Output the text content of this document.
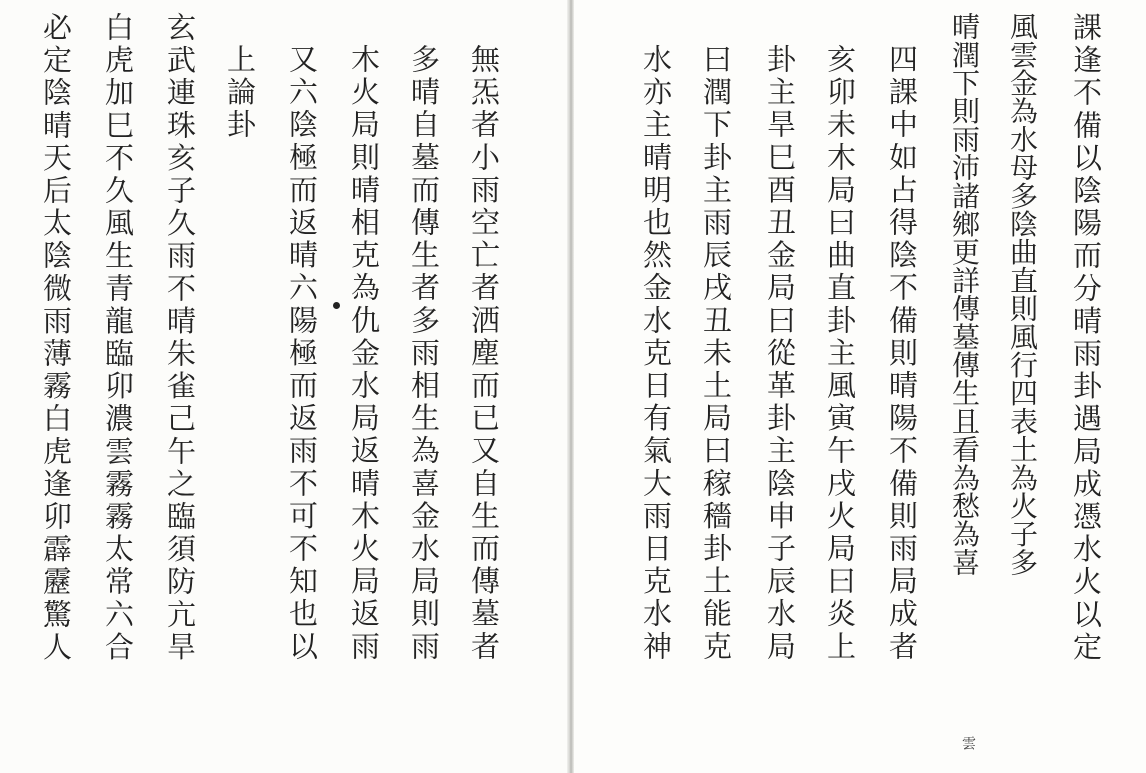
必定陰晴天后太陰微雨薄霧白虎逢卯霹靂驚人 白虎加巳不久風生青龍臨卯濃雲霧霧太常六合 玄武連珠亥子久雨不晴朱雀己午之臨須防亢旱 上論卦 又六陰極而返晴六陽極而返雨不可不知也以 木火局則晴相克為仇金水局返晴木火局返雨 多晴自墓而傳生者多雨相生為喜金水局則雨 無炁者小雨空亡者洒塵而已又自生而傳墓者	水亦主晴明也然金水克日有氣大雨日克水神 曰潤下卦主雨辰戌丑未土局曰稼穡卦土能克 卦主旱巳酉丑金局曰從革卦主陰申子辰水局 亥卯未木局曰曲直卦主風寅午戌火局曰炎上 四課中如占得陰不備則晴陽不備則雨局成者 晴潤下則雨沛諸鄉更詳傳墓傳生且看為愁為喜 風雲金為水母多陰曲直則風行四表土為火子多 課逢不備以陰陽而分晴雨卦遇局成憑水火以定
雲
